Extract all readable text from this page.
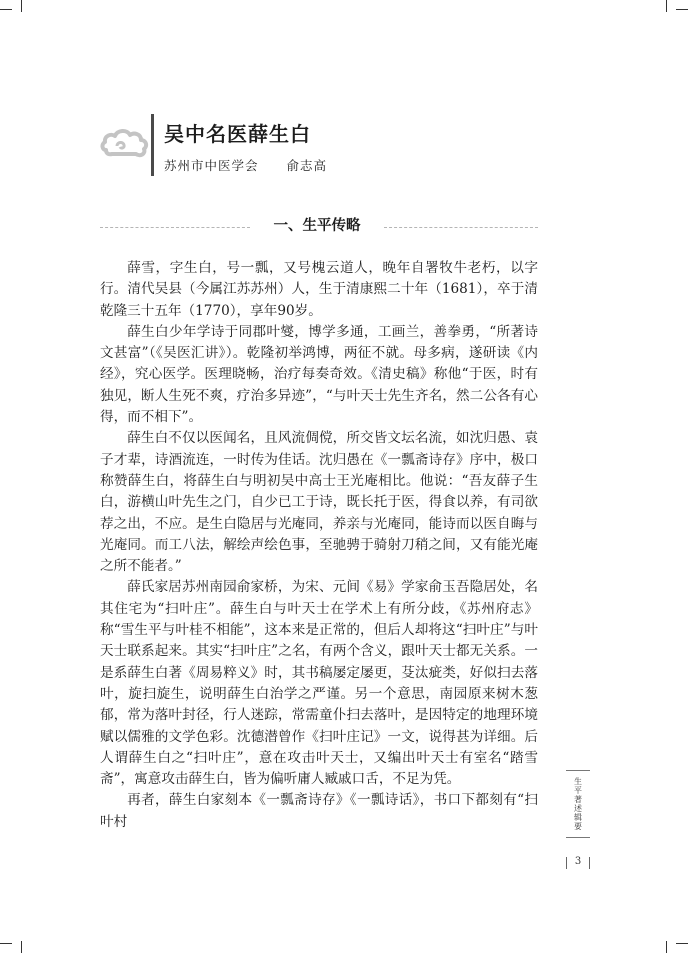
吴中名医薛生白
苏州市中医学会 俞志高
一、生平传略

薛雪，字生白，号一瓢，又号槐云道人，晚年自署牧牛老朽，以字行。清代吴县（今属江苏苏州）人，生于清康熙二十年（1681），卒于清乾隆三十五年（1770），享年90岁。

薛生白少年学诗于同郡叶燮，博学多通，工画兰，善拳勇，“所著诗文甚富”（《吴医汇讲》）。乾隆初举鸿博，两征不就。母多病，遂研读《内经》，究心医学。医理晓畅，治疗每奏奇效。《清史稿》称他“于医，时有独见，断人生死不爽，疗治多异迹”，“与叶天士先生齐名，然二公各有心得，而不相下”。

薛生白不仅以医闻名，且风流倜傥，所交皆文坛名流，如沈归愚、袁子才辈，诗酒流连，一时传为佳话。沈归愚在《一瓢斋诗存》序中，极口称赞薛生白，将薛生白与明初吴中高士王光庵相比。他说：“吾友薛子生白，游横山叶先生之门，自少已工于诗，既长托于医，得食以养，有司欲荐之出，不应。是生白隐居与光庵同，养亲与光庵同，能诗而以医自晦与光庵同。而工八法，解绘声绘色事，至驰骋于骑射刀稍之间，又有能光庵之所不能者。”

薛氏家居苏州南园俞家桥，为宋、元间《易》学家俞玉吾隐居处，名其住宅为“扫叶庄”。薛生白与叶天士在学术上有所分歧，《苏州府志》称“雪生平与叶桂不相能”，这本来是正常的，但后人却将这“扫叶庄”与叶天士联系起来。其实“扫叶庄”之名，有两个含义，跟叶天士都无关系。一是系薛生白著《周易粹义》时，其书稿屡定屡更，芟汰疵类，好似扫去落叶，旋扫旋生，说明薛生白治学之严谨。另一个意思，南园原来树木葱郁，常为落叶封径，行人迷踪，常需童仆扫去落叶，是因特定的地理环境赋以儒雅的文学色彩。沈德潜曾作《扫叶庄记》一文，说得甚为详细。后人谓薛生白之“扫叶庄”，意在攻击叶天士，又编出叶天士有室名“踏雪斋”，寓意攻击薛生白，皆为偏听庸人臧戚口舌，不足为凭。

再者，薛生白家刻本《一瓢斋诗存》《一瓢诗话》，书口下都刻有“扫叶村	生平著述辑要
3
